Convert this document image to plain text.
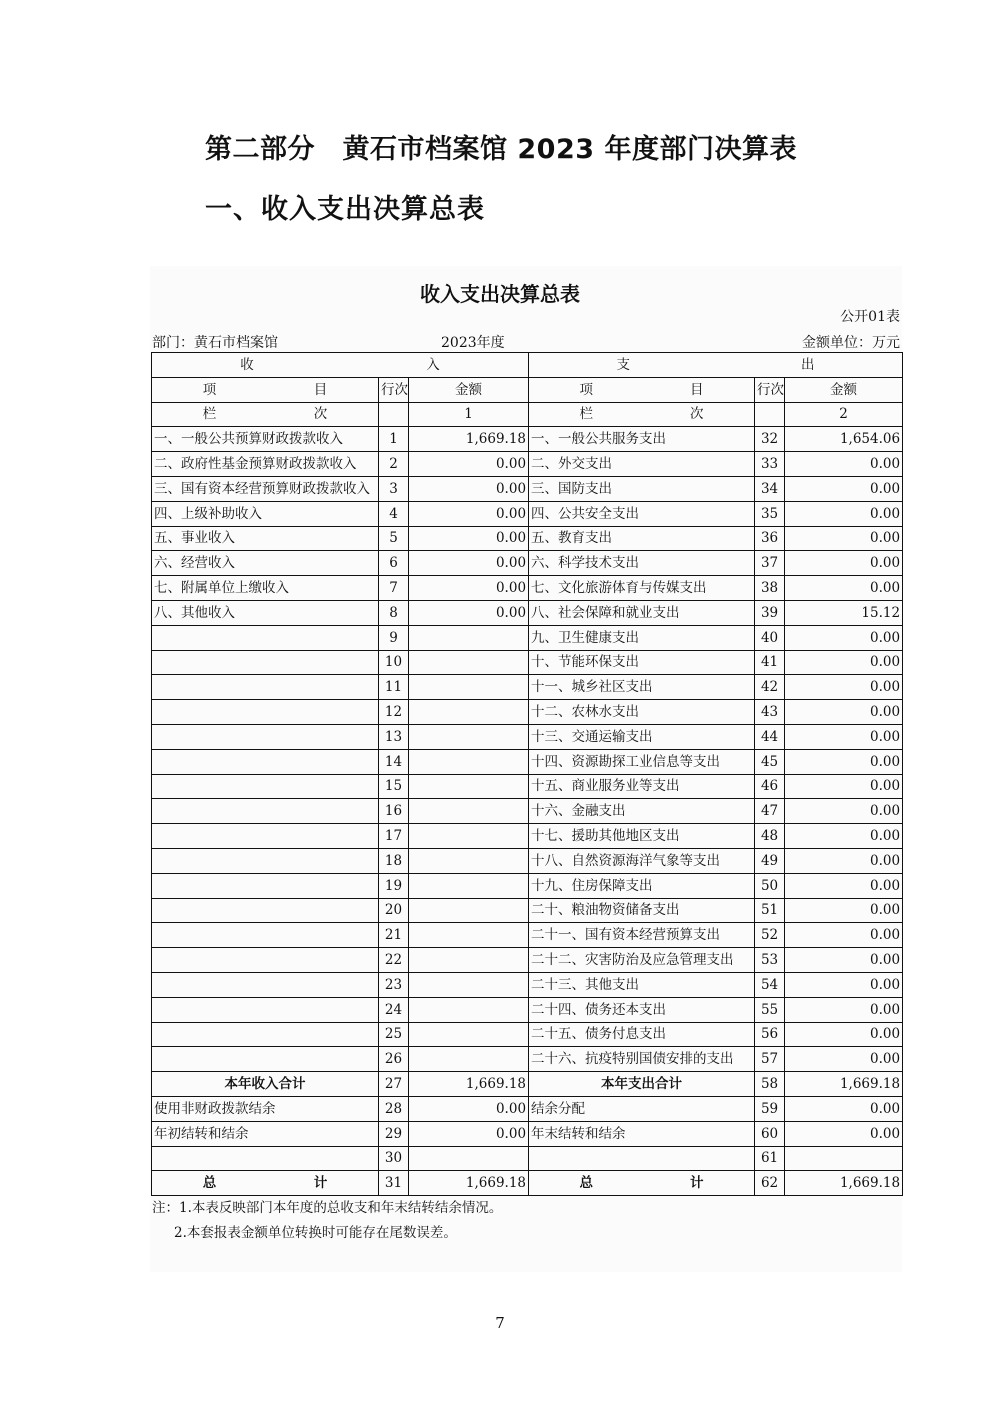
第二部分　黄石市档案馆 2023 年度部门决算表
一、收入支出决算总表
收入支出决算总表
公开01表
部门：黄石市档案馆	2023年度	金额单位：万元
收 入			支 出		

项 目	行次	金额	项 目	行次	金额

栏 次		1	栏 次		2
一、一般公共预算财政拨款收入	1	1,669.18	一、一般公共服务支出	32	1,654.06
二、政府性基金预算财政拨款收入	2	0.00	二、外交支出	33	0.00
三、国有资本经营预算财政拨款收入	3	0.00	三、国防支出	34	0.00
四、上级补助收入	4	0.00	四、公共安全支出	35	0.00
五、事业收入	5	0.00	五、教育支出	36	0.00
六、经营收入	6	0.00	六、科学技术支出	37	0.00
七、附属单位上缴收入	7	0.00	七、文化旅游体育与传媒支出	38	0.00
八、其他收入	8	0.00	八、社会保障和就业支出	39	15.12
	9		九、卫生健康支出	40	0.00
	10		十、节能环保支出	41	0.00
	11		十一、城乡社区支出	42	0.00
	12		十二、农林水支出	43	0.00
	13		十三、交通运输支出	44	0.00
	14		十四、资源勘探工业信息等支出	45	0.00
	15		十五、商业服务业等支出	46	0.00
	16		十六、金融支出	47	0.00
	17		十七、援助其他地区支出	48	0.00
	18		十八、自然资源海洋气象等支出	49	0.00
	19		十九、住房保障支出	50	0.00
	20		二十、粮油物资储备支出	51	0.00
	21		二十一、国有资本经营预算支出	52	0.00
	22		二十二、灾害防治及应急管理支出	53	0.00
	23		二十三、其他支出	54	0.00
	24		二十四、债务还本支出	55	0.00
	25		二十五、债务付息支出	56	0.00
	26		二十六、抗疫特别国债安排的支出	57	0.00
本年收入合计	27	1,669.18	本年支出合计	58	1,669.18
使用非财政拨款结余	28	0.00	结余分配	59	0.00
年初结转和结余	29	0.00	年末结转和结余	60	0.00
	30			61	

总 计	31	1,669.18	总 计	62	1,669.18
注：1.本表反映部门本年度的总收支和年末结转结余情况。
2.本套报表金额单位转换时可能存在尾数误差。
7
